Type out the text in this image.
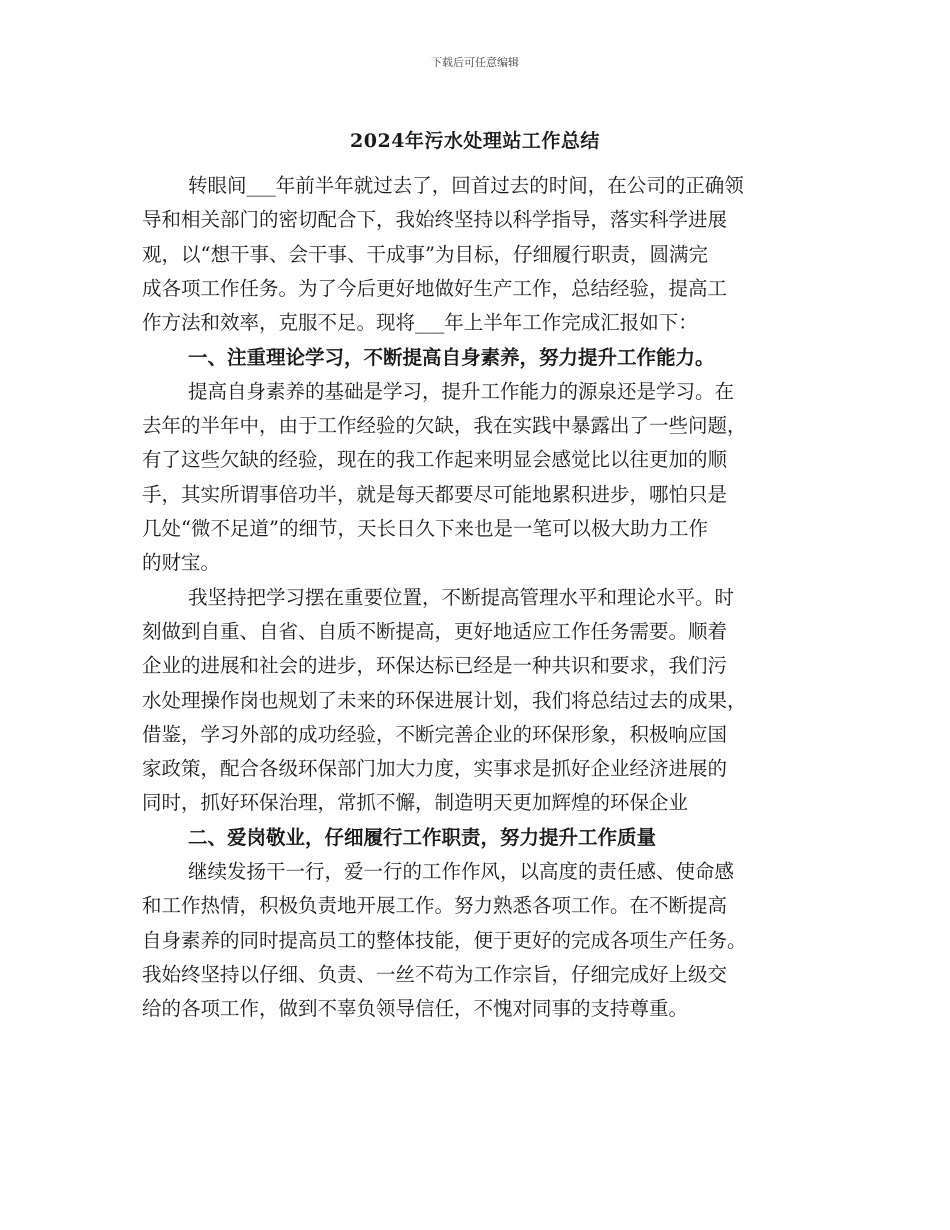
下载后可任意编辑
2024年污水处理站工作总结
转眼间___年前半年就过去了，回首过去的时间，在公司的正确领
导和相关部门的密切配合下，我始终坚持以科学指导，落实科学进展
观，以“想干事、会干事、干成事”为目标，仔细履行职责，圆满完
成各项工作任务。为了今后更好地做好生产工作，总结经验，提高工
作方法和效率，克服不足。现将___年上半年工作完成汇报如下：
一、注重理论学习，不断提高自身素养，努力提升工作能力。
提高自身素养的基础是学习，提升工作能力的源泉还是学习。在
去年的半年中，由于工作经验的欠缺，我在实践中暴露出了一些问题，
有了这些欠缺的经验，现在的我工作起来明显会感觉比以往更加的顺
手，其实所谓事倍功半，就是每天都要尽可能地累积进步，哪怕只是
几处“微不足道”的细节，天长日久下来也是一笔可以极大助力工作
的财宝。
我坚持把学习摆在重要位置，不断提高管理水平和理论水平。时
刻做到自重、自省、自质不断提高，更好地适应工作任务需要。顺着
企业的进展和社会的进步，环保达标已经是一种共识和要求，我们污
水处理操作岗也规划了未来的环保进展计划，我们将总结过去的成果，
借鉴，学习外部的成功经验，不断完善企业的环保形象，积极响应国
家政策，配合各级环保部门加大力度，实事求是抓好企业经济进展的
同时，抓好环保治理，常抓不懈，制造明天更加辉煌的环保企业
二、爱岗敬业，仔细履行工作职责，努力提升工作质量
继续发扬干一行，爱一行的工作作风，以高度的责任感、使命感
和工作热情，积极负责地开展工作。努力熟悉各项工作。在不断提高
自身素养的同时提高员工的整体技能，便于更好的完成各项生产任务。
我始终坚持以仔细、负责、一丝不苟为工作宗旨，仔细完成好上级交
给的各项工作，做到不辜负领导信任，不愧对同事的支持尊重。
